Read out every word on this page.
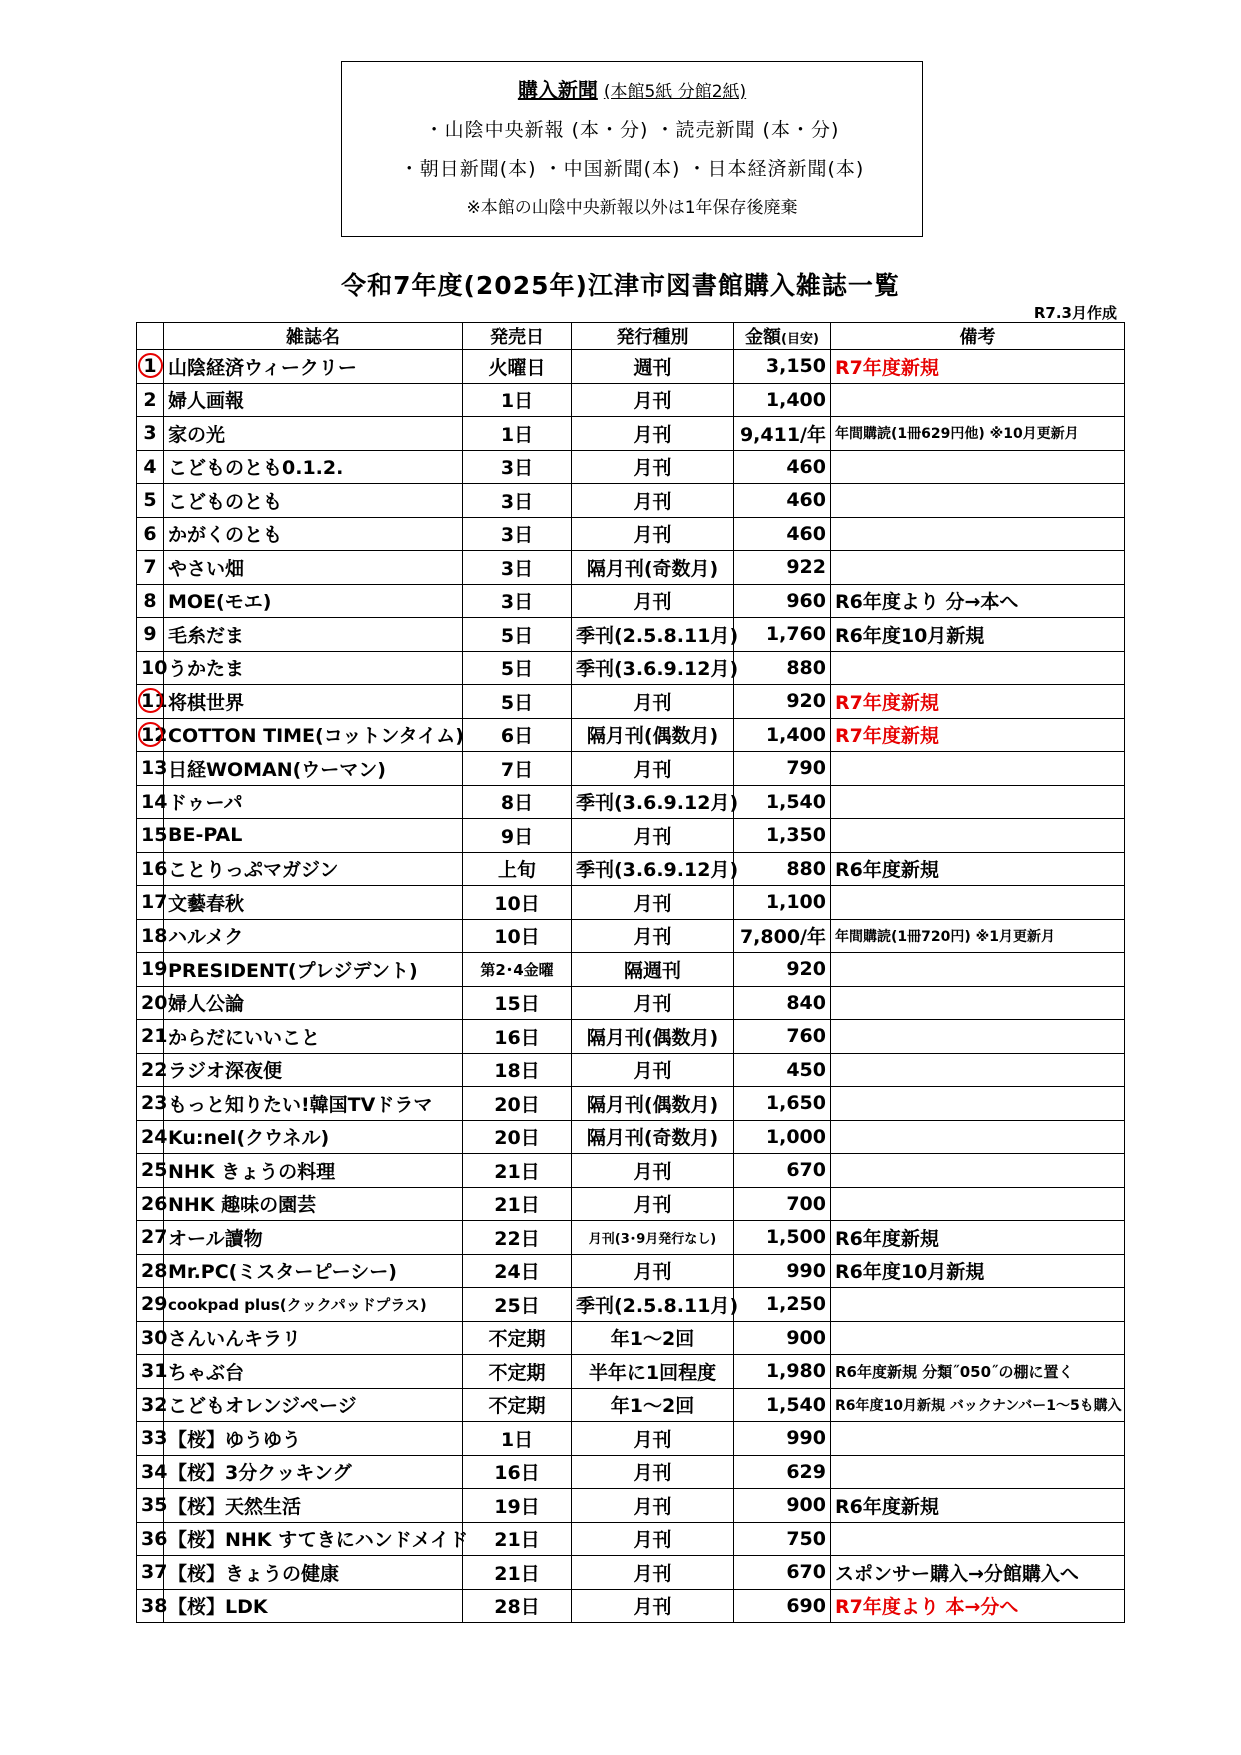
購入新聞 (本館5紙 分館2紙)
・山陰中央新報 (本・分) ・読売新聞 (本・分)
・朝日新聞(本) ・中国新聞(本) ・日本経済新聞(本)
※本館の山陰中央新報以外は1年保存後廃棄
令和7年度(2025年)江津市図書館購入雑誌一覧
R7.3月作成
	雑誌名	発売日	発行種別	金額(目安)	備考
1	山陰経済ウィークリー	火曜日	週刊	3,150	R7年度新規
2	婦人画報	1日	月刊	1,400	
3	家の光	1日	月刊	9,411/年	年間購読(1冊629円他) ※10月更新月
4	こどものとも0.1.2.	3日	月刊	460	
5	こどものとも	3日	月刊	460	
6	かがくのとも	3日	月刊	460	
7	やさい畑	3日	隔月刊(奇数月)	922	
8	MOE(モエ)	3日	月刊	960	R6年度より 分→本へ
9	毛糸だま	5日	季刊(2.5.8.11月)	1,760	R6年度10月新規
10	うかたま	5日	季刊(3.6.9.12月)	880	
11	将棋世界	5日	月刊	920	R7年度新規
12	COTTON TIME(コットンタイム)	6日	隔月刊(偶数月)	1,400	R7年度新規
13	日経WOMAN(ウーマン)	7日	月刊	790	
14	ドゥーパ	8日	季刊(3.6.9.12月)	1,540	
15	BE-PAL	9日	月刊	1,350	
16	ことりっぷマガジン	上旬	季刊(3.6.9.12月)	880	R6年度新規
17	文藝春秋	10日	月刊	1,100	
18	ハルメク	10日	月刊	7,800/年	年間購読(1冊720円) ※1月更新月
19	PRESIDENT(プレジデント)	第2･4金曜	隔週刊	920	
20	婦人公論	15日	月刊	840	
21	からだにいいこと	16日	隔月刊(偶数月)	760	
22	ラジオ深夜便	18日	月刊	450	
23	もっと知りたい!韓国TVドラマ	20日	隔月刊(偶数月)	1,650	
24	Ku:nel(クウネル)	20日	隔月刊(奇数月)	1,000	
25	NHK きょうの料理	21日	月刊	670	
26	NHK 趣味の園芸	21日	月刊	700	
27	オール讀物	22日	月刊(3･9月発行なし)	1,500	R6年度新規
28	Mr.PC(ミスターピーシー)	24日	月刊	990	R6年度10月新規
29	cookpad plus(クックパッドプラス)	25日	季刊(2.5.8.11月)	1,250	
30	さんいんキラリ	不定期	年1～2回	900	
31	ちゃぶ台	不定期	半年に1回程度	1,980	R6年度新規 分類˝050˝の棚に置く
32	こどもオレンジページ	不定期	年1～2回	1,540	R6年度10月新規 バックナンバー1～5も購入
33	【桜】ゆうゆう	1日	月刊	990	
34	【桜】3分クッキング	16日	月刊	629	
35	【桜】天然生活	19日	月刊	900	R6年度新規
36	【桜】NHK すてきにハンドメイド	21日	月刊	750	
37	【桜】きょうの健康	21日	月刊	670	スポンサー購入→分館購入へ
38	【桜】LDK	28日	月刊	690	R7年度より 本→分へ
